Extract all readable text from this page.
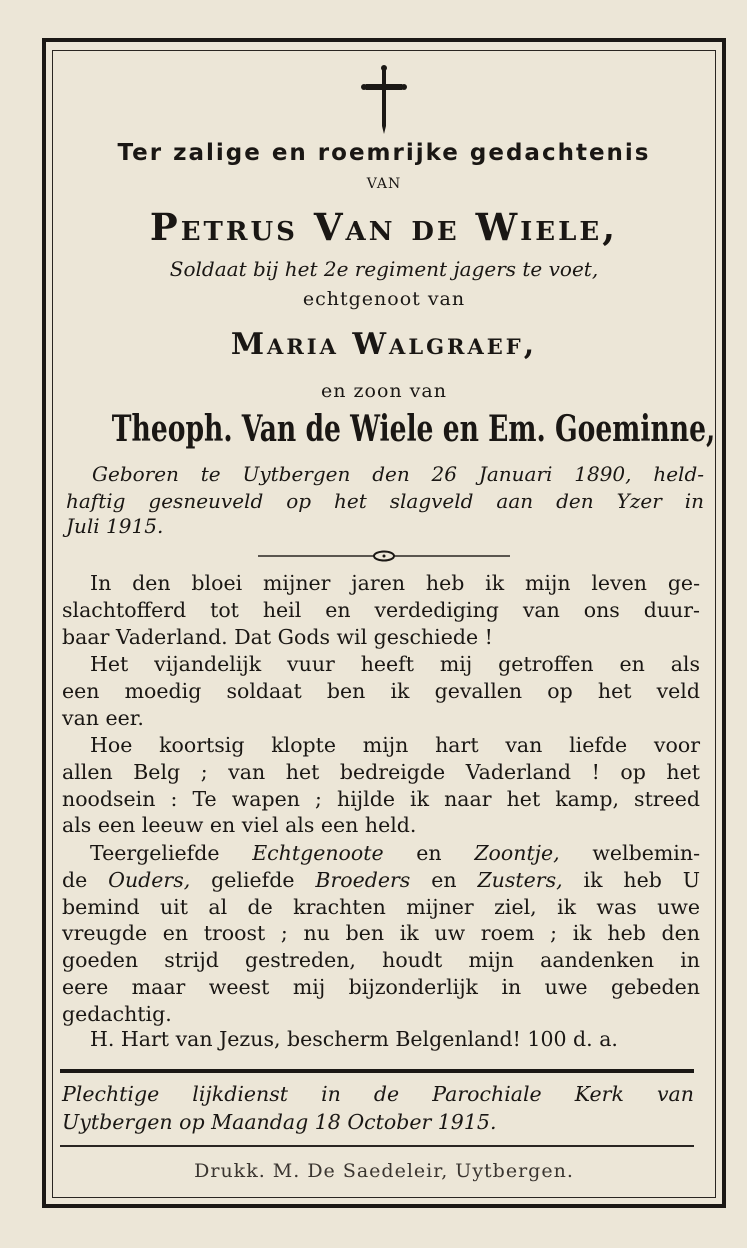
Ter zalige en roemrijke gedachtenis
VAN
Petrus Van de Wiele,
Soldaat bij het 2e regiment jagers te voet,
echtgenoot van
Maria Walgraef,
en zoon van
Theoph. Van de Wiele en Em. Goeminne,
Geboren te Uytbergen den 26 Januari 1890, held-
haftig gesneuveld op het slagveld aan den Yzer in
Juli 1915.
In den bloei mijner jaren heb ik mijn leven ge-
slachtofferd tot heil en verdediging van ons duur-
baar Vaderland. Dat Gods wil geschiede !
Het vijandelijk vuur heeft mij getroffen en als
een moedig soldaat ben ik gevallen op het veld
van eer.
Hoe koortsig klopte mijn hart van liefde voor
allen Belg ; van het bedreigde Vaderland ! op het
noodsein : Te wapen ; hijlde ik naar het kamp, streed
als een leeuw en viel als een held.
Teergeliefde Echtgenoote en Zoontje, welbemin-
de Ouders, geliefde Broeders en Zusters, ik heb U
bemind uit al de krachten mijner ziel, ik was uwe
vreugde en troost ; nu ben ik uw roem ; ik heb den
goeden strijd gestreden, houdt mijn aandenken in
eere maar weest mij bijzonderlijk in uwe gebeden
gedachtig.
H. Hart van Jezus, bescherm Belgenland! 100 d. a.
Plechtige lijkdienst in de Parochiale Kerk van
Uytbergen op Maandag 18 October 1915.
Drukk. M. De Saedeleir, Uytbergen.
